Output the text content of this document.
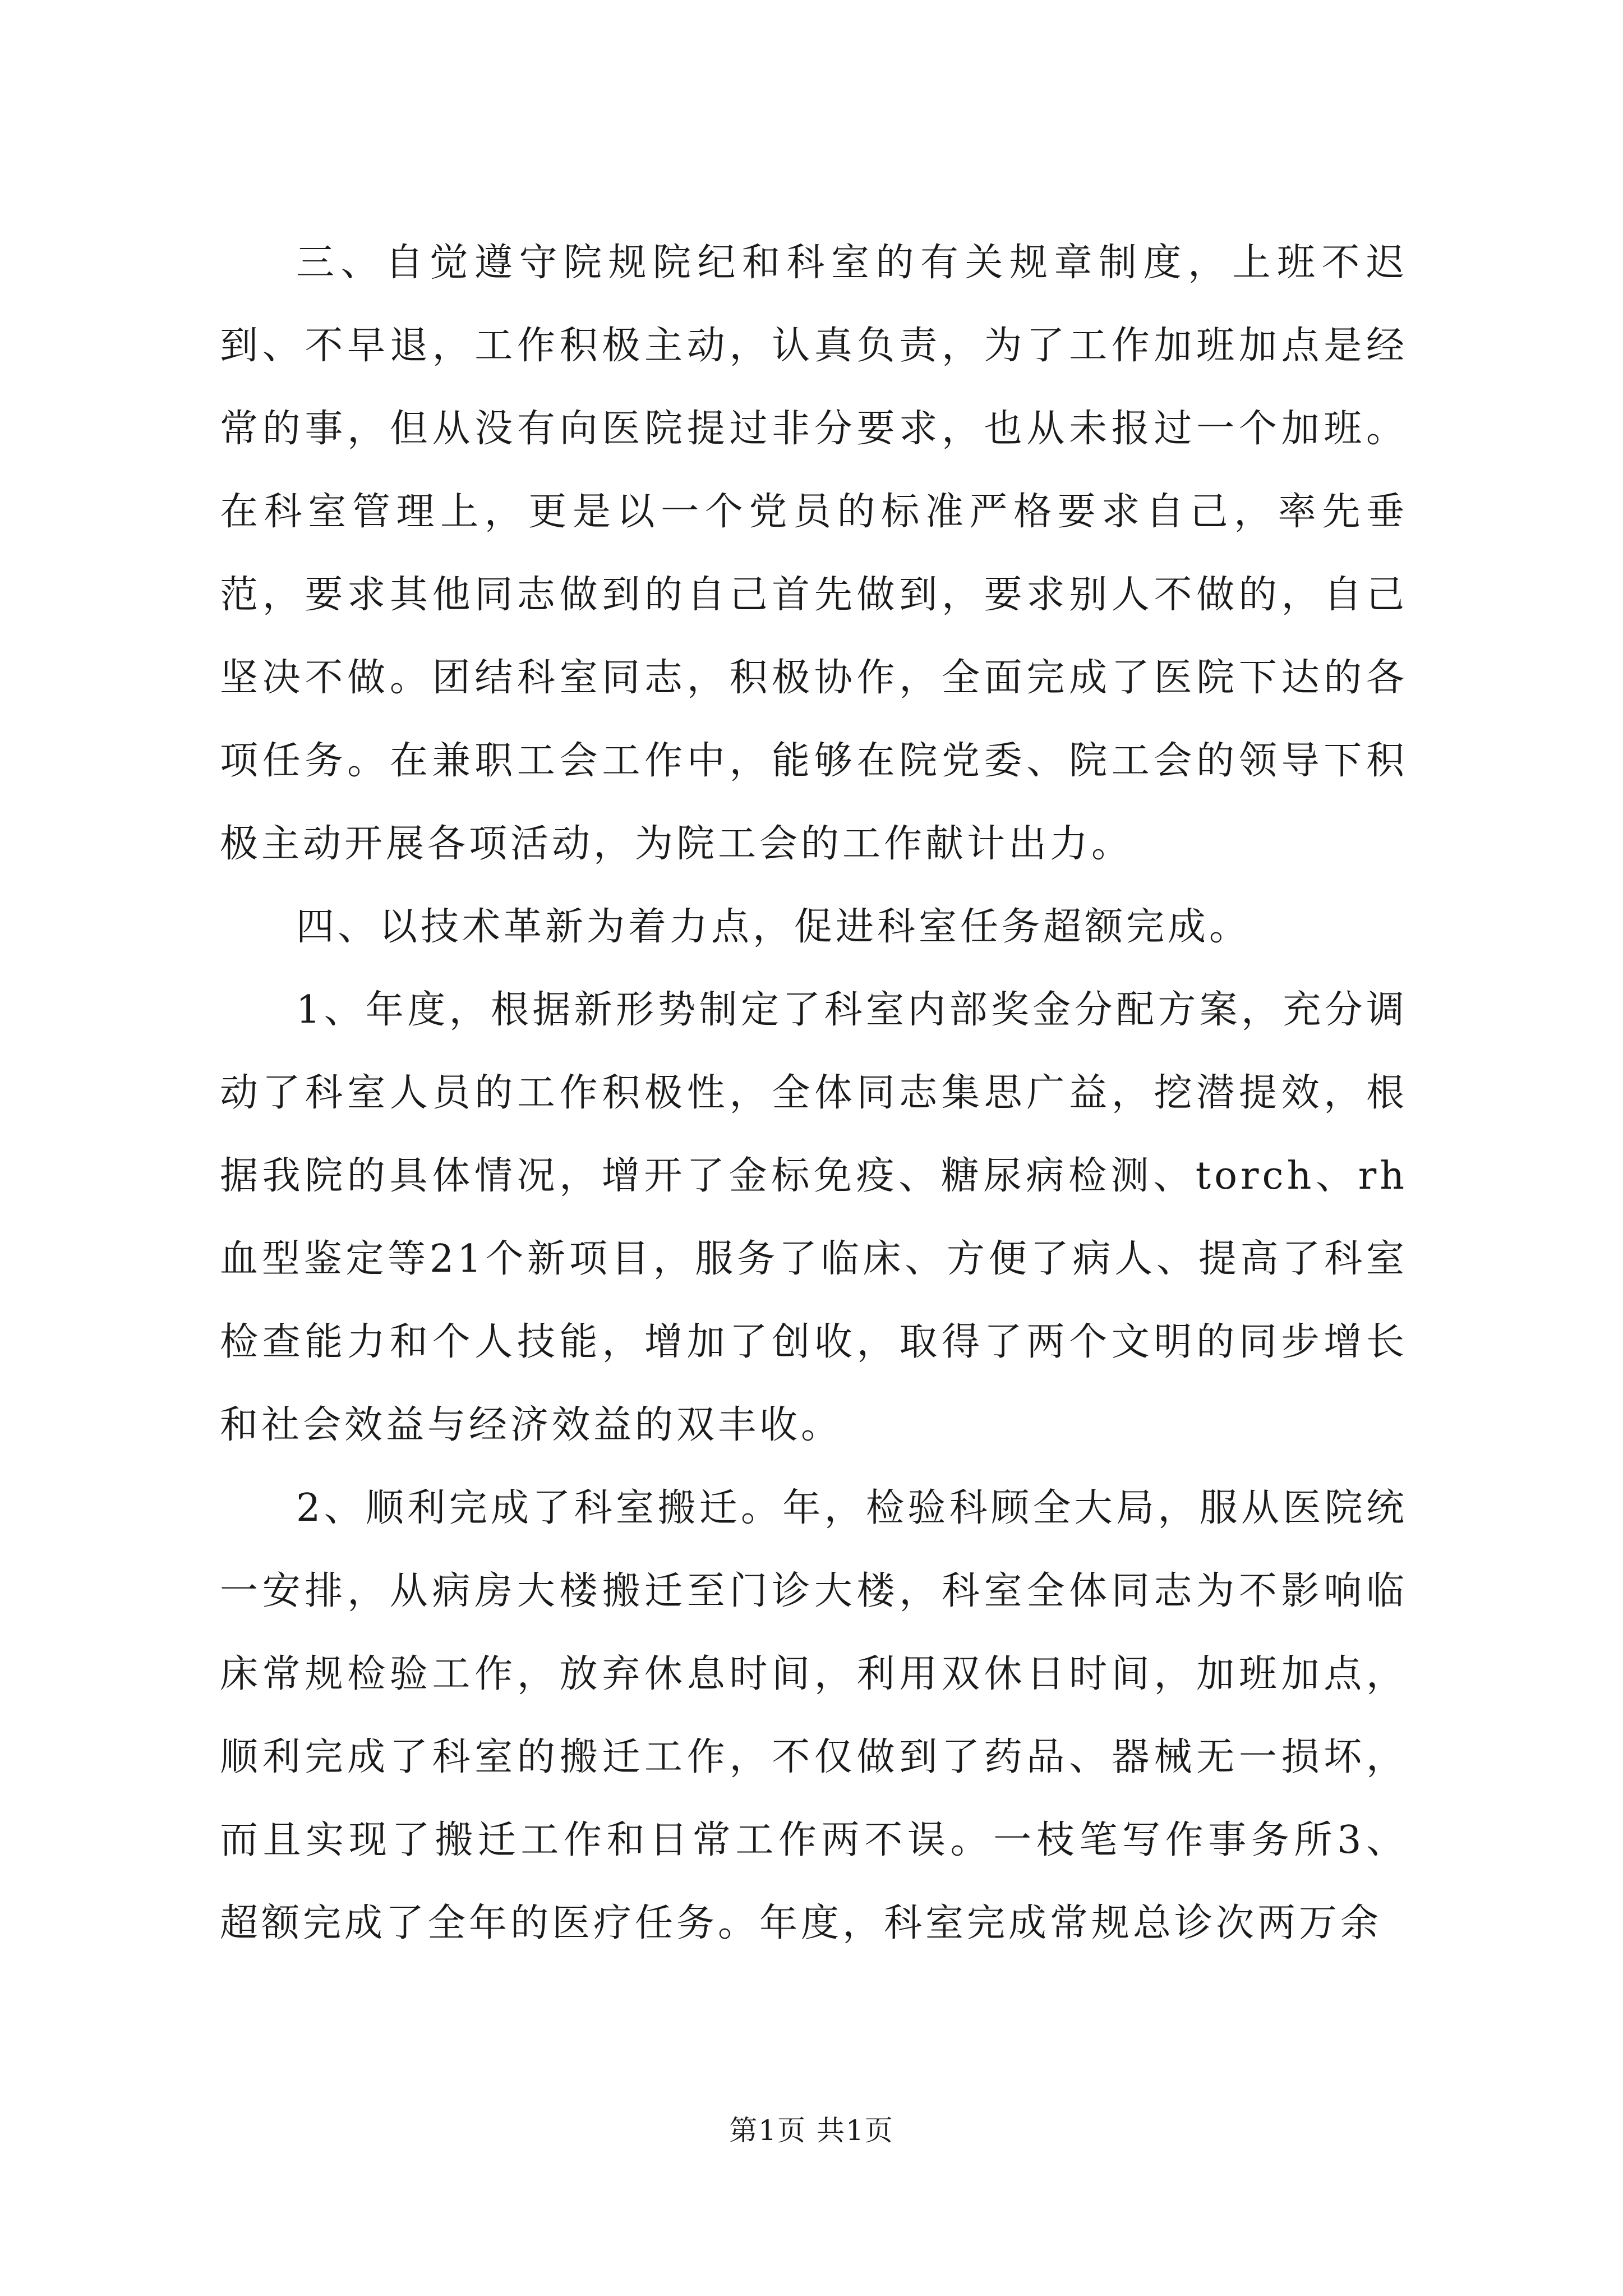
三、自觉遵守院规院纪和科室的有关规章制度，上班不迟到、不早退，工作积极主动，认真负责，为了工作加班加点是经常的事，但从没有向医院提过非分要求，也从未报过一个加班。在科室管理上，更是以一个党员的标准严格要求自己，率先垂范，要求其他同志做到的自己首先做到，要求别人不做的，自己坚决不做。团结科室同志，积极协作，全面完成了医院下达的各项任务。在兼职工会工作中，能够在院党委、院工会的领导下积极主动开展各项活动，为院工会的工作献计出力。

四、以技术革新为着力点，促进科室任务超额完成。

1、年度，根据新形势制定了科室内部奖金分配方案，充分调动了科室人员的工作积极性，全体同志集思广益，挖潜提效，根据我院的具体情况，增开了金标免疫、糖尿病检测、torch、rh血型鉴定等21个新项目，服务了临床、方便了病人、提高了科室检查能力和个人技能，增加了创收，取得了两个文明的同步增长和社会效益与经济效益的双丰收。

2、顺利完成了科室搬迁。年，检验科顾全大局，服从医院统一安排，从病房大楼搬迁至门诊大楼，科室全体同志为不影响临床常规检验工作，放弃休息时间，利用双休日时间，加班加点，顺利完成了科室的搬迁工作，不仅做到了药品、器械无一损坏，而且实现了搬迁工作和日常工作两不误。一枝笔写作事务所3、超额完成了全年的医疗任务。年度，科室完成常规总诊次两万余

第1页 共1页
